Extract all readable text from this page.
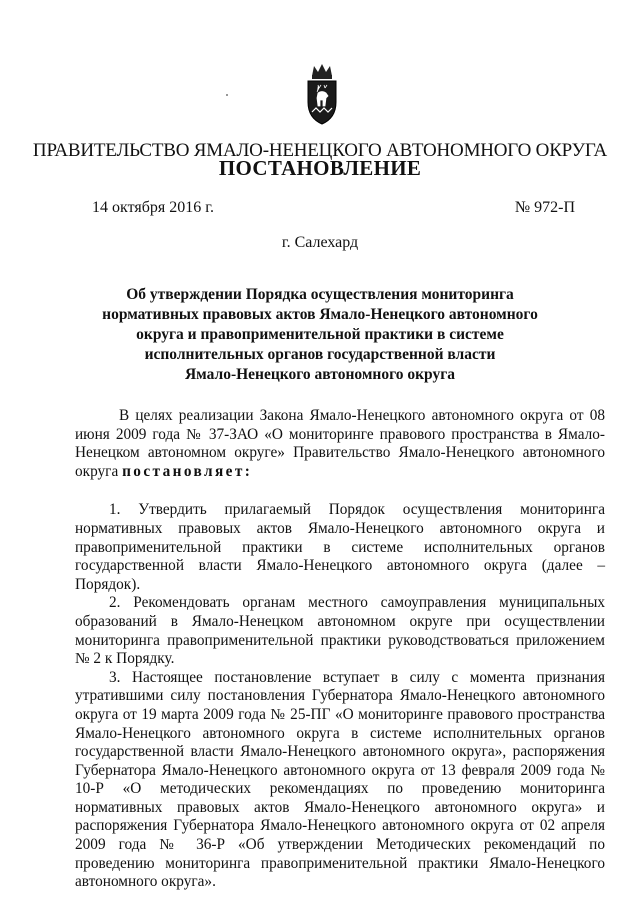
ПРАВИТЕЛЬСТВО ЯМАЛО-НЕНЕЦКОГО АВТОНОМНОГО ОКРУГА
ПОСТАНОВЛЕНИЕ
14 октября 2016 г.	№ 972-П
г. Салехард
Об утверждении Порядка осуществления мониторинга
нормативных правовых актов Ямало-Ненецкого автономного
округа и правоприменительной практики в системе
исполнительных органов государственной власти
Ямало-Ненецкого автономного округа

В целях реализации Закона Ямало-Ненецкого автономного округа от 08 июня 2009 года № 37-ЗАО «О мониторинге правового пространства в Ямало-Ненецком автономном округе» Правительство Ямало-Ненецкого автономного округа постановляет:

1. Утвердить прилагаемый Порядок осуществления мониторинга нормативных правовых актов Ямало-Ненецкого автономного округа и правоприменительной практики в системе исполнительных органов государственной власти Ямало-Ненецкого автономного округа (далее – Порядок).

2. Рекомендовать органам местного самоуправления муниципальных образований в Ямало-Ненецком автономном округе при осуществлении мониторинга правоприменительной практики руководствоваться приложением № 2 к Порядку.

3. Настоящее постановление вступает в силу с момента признания утратившими силу постановления Губернатора Ямало-Ненецкого автономного округа от 19 марта 2009 года № 25-ПГ «О мониторинге правового пространства Ямало-Ненецкого автономного округа в системе исполнительных органов государственной власти Ямало-Ненецкого автономного округа», распоряжения Губернатора Ямало-Ненецкого автономного округа от 13 февраля 2009 года № 10-Р «О методических рекомендациях по проведению мониторинга нормативных правовых актов Ямало-Ненецкого автономного округа» и распоряжения Губернатора Ямало-Ненецкого автономного округа от 02 апреля 2009 года № 36-Р «Об утверждении Методических рекомендаций по проведению мониторинга правоприменительной практики Ямало-Ненецкого автономного округа».
